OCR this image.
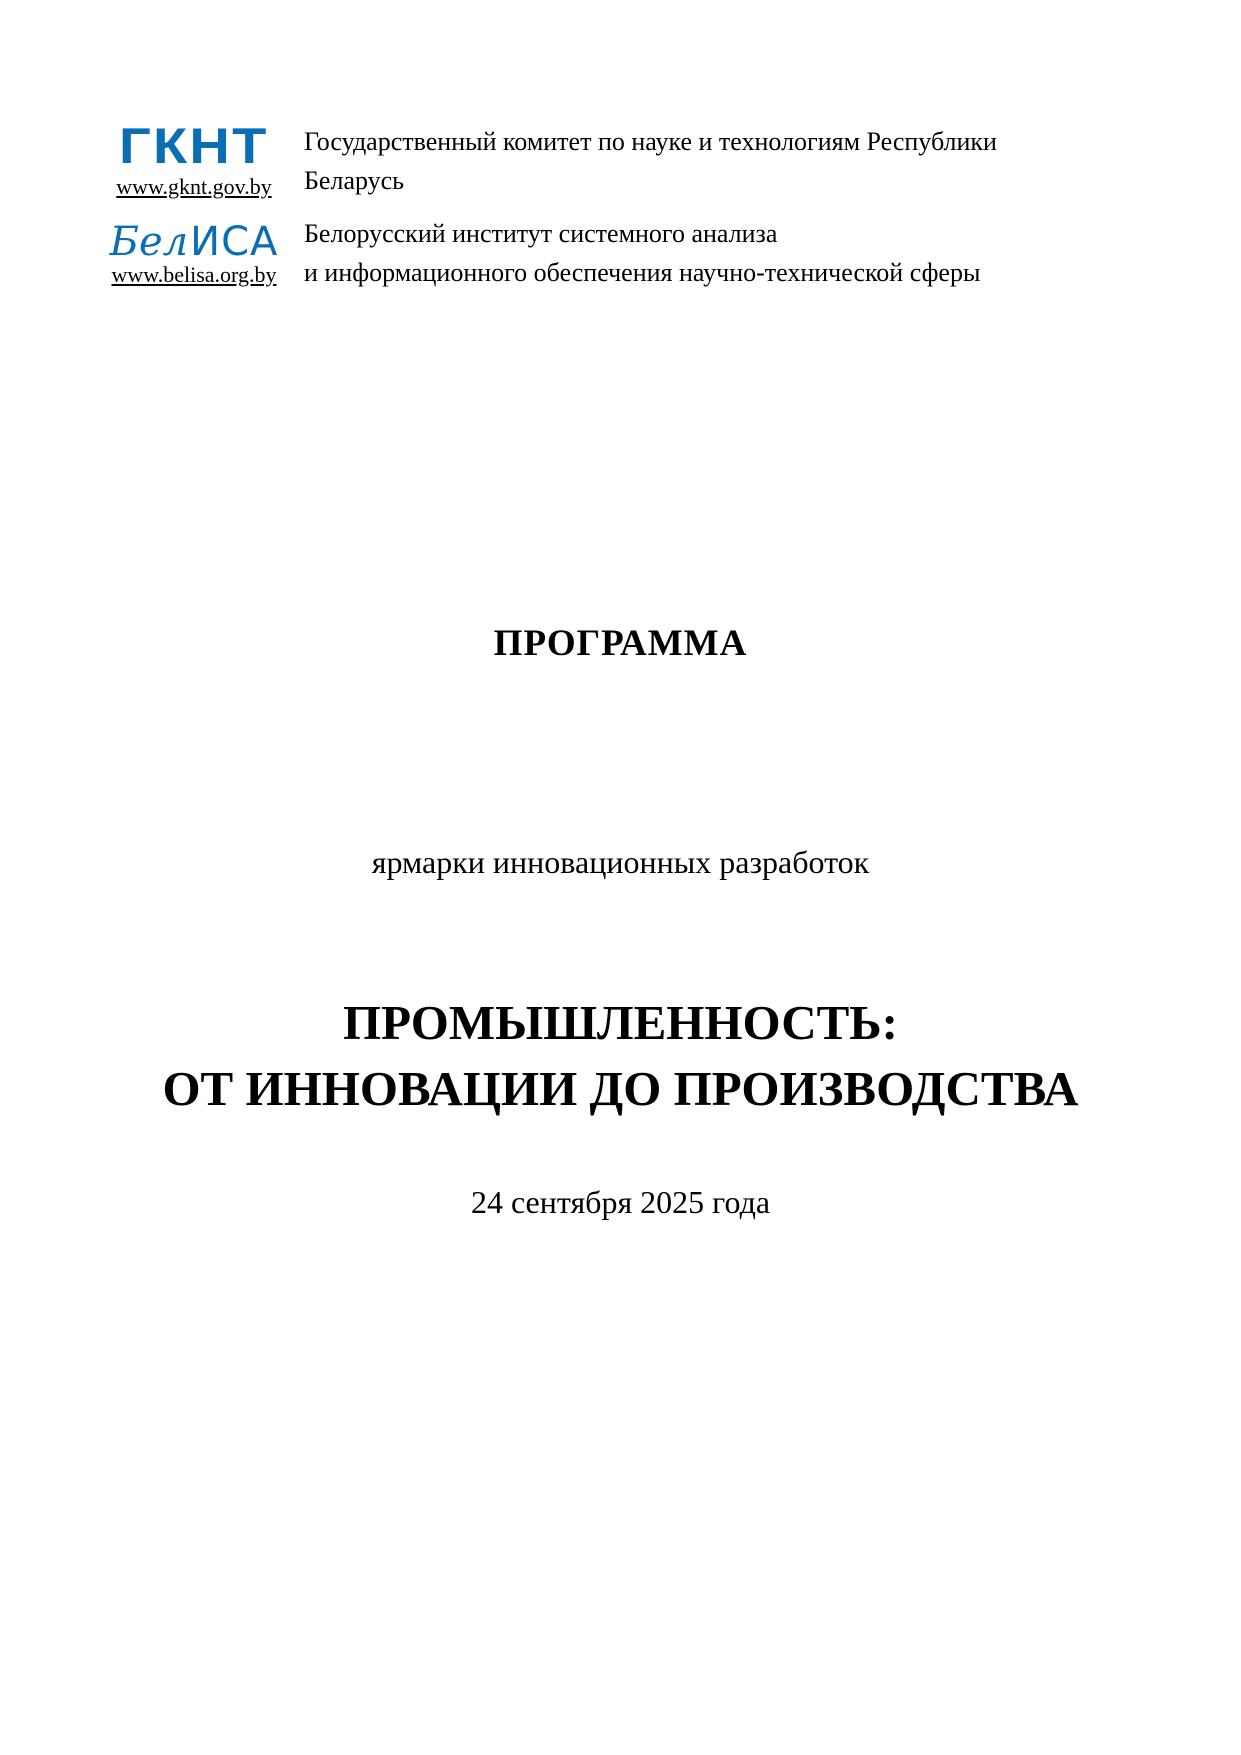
ГКНТ
www.gknt.gov.by
Государственный комитет по науке и технологиям Республики
Беларусь
Бел ИСА
www.belisa.org.by
Белорусский институт системного анализа
и информационного обеспечения научно-технической сферы
ПРОГРАММА
ярмарки инновационных разработок
ПРОМЫШЛЕННОСТЬ:
ОТ ИННОВАЦИИ ДО ПРОИЗВОДСТВА
24 сентября 2025 года
